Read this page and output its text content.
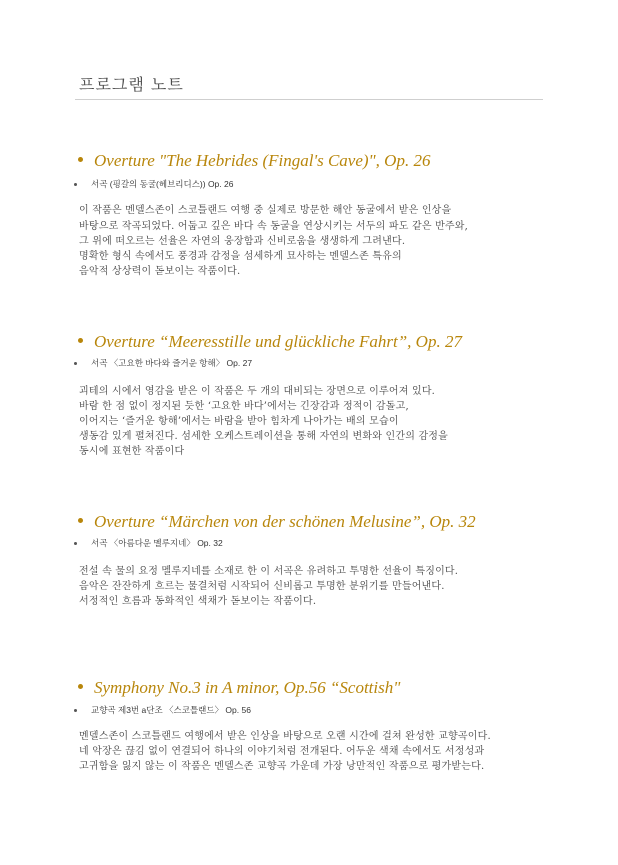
프로그램 노트
Overture "The Hebrides (Fingal's Cave)", Op. 26
서곡 (핑갈의 동굴(헤브리디스)) Op. 26
이 작품은 멘델스존이 스코틀랜드 여행 중 실제로 방문한 해안 동굴에서 받은 인상을
바탕으로 작곡되었다. 어둡고 깊은 바다 속 동굴을 연상시키는 서두의 파도 같은 반주와,
그 위에 떠오르는 선율은 자연의 웅장함과 신비로움을 생생하게 그려낸다.
명확한 형식 속에서도 풍경과 감정을 섬세하게 묘사하는 멘델스존 특유의
음악적 상상력이 돋보이는 작품이다.
Overture “Meeresstille und glückliche Fahrt”, Op. 27
서곡 〈고요한 바다와 즐거운 항해〉 Op. 27
괴테의 시에서 영감을 받은 이 작품은 두 개의 대비되는 장면으로 이루어져 있다.
바람 한 점 없이 정지된 듯한 ‘고요한 바다’에서는 긴장감과 정적이 감돌고,
이어지는 ‘즐거운 항해’에서는 바람을 받아 힘차게 나아가는 배의 모습이
생동감 있게 펼쳐진다. 섬세한 오케스트레이션을 통해 자연의 변화와 인간의 감정을
동시에 표현한 작품이다
Overture “Märchen von der schönen Melusine”, Op. 32
서곡 〈아름다운 멜루지네〉 Op. 32
전설 속 물의 요정 멜루지네를 소재로 한 이 서곡은 유려하고 투명한 선율이 특징이다.
음악은 잔잔하게 흐르는 물결처럼 시작되어 신비롭고 투명한 분위기를 만들어낸다.
서정적인 흐름과 동화적인 색채가 돋보이는 작품이다.
Symphony No.3 in A minor, Op.56 “Scottish"
교향곡 제3번 a단조 〈스코틀랜드〉 Op. 56
멘델스존이 스코틀랜드 여행에서 받은 인상을 바탕으로 오랜 시간에 걸쳐 완성한 교향곡이다.
네 악장은 끊김 없이 연결되어 하나의 이야기처럼 전개된다. 어두운 색채 속에서도 서정성과
고귀함을 잃지 않는 이 작품은 멘델스존 교향곡 가운데 가장 낭만적인 작품으로 평가받는다.
